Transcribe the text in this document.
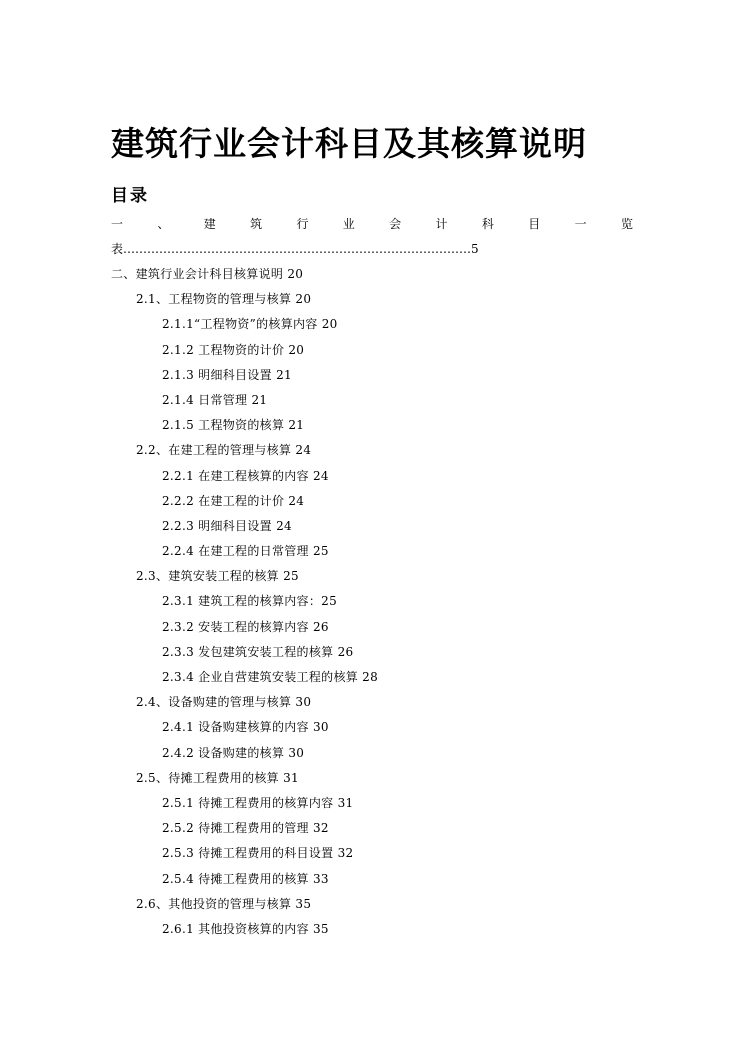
建筑行业会计科目及其核算说明
目录
一	、	建	筑	行	业	会	计	科	目	一	览
表……………………………………………………………………………5
二、建筑行业会计科目核算说明 20
2.1、工程物资的管理与核算 20
2.1.1“工程物资”的核算内容 20
2.1.2 工程物资的计价 20
2.1.3 明细科目设置 21
2.1.4 日常管理 21
2.1.5 工程物资的核算 21
2.2、在建工程的管理与核算 24
2.2.1 在建工程核算的内容 24
2.2.2 在建工程的计价 24
2.2.3 明细科目设置 24
2.2.4 在建工程的日常管理 25
2.3、建筑安装工程的核算 25
2.3.1 建筑工程的核算内容：25
2.3.2 安装工程的核算内容 26
2.3.3 发包建筑安装工程的核算 26
2.3.4 企业自营建筑安装工程的核算 28
2.4、设备购建的管理与核算 30
2.4.1 设备购建核算的内容 30
2.4.2 设备购建的核算 30
2.5、待摊工程费用的核算 31
2.5.1 待摊工程费用的核算内容 31
2.5.2 待摊工程费用的管理 32
2.5.3 待摊工程费用的科目设置 32
2.5.4 待摊工程费用的核算 33
2.6、其他投资的管理与核算 35
2.6.1 其他投资核算的内容 35
